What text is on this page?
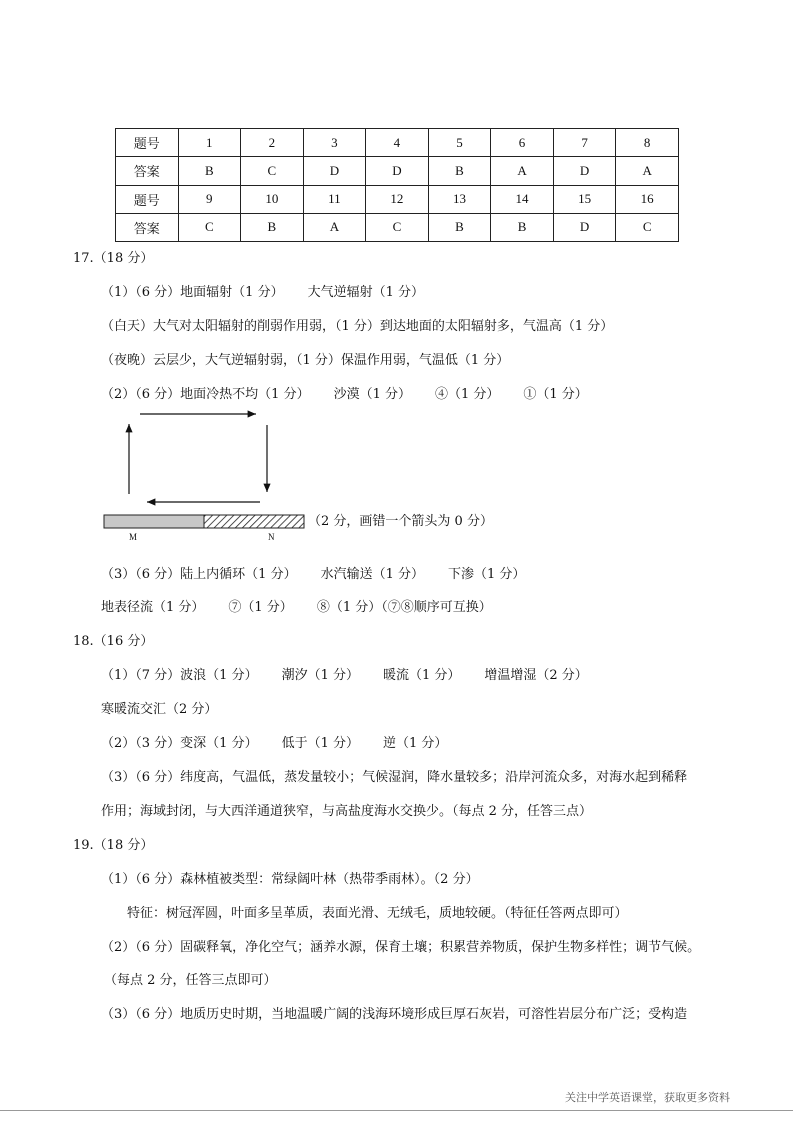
题号	1	2	3	4	5	6	7	8
答案	B	C	D	D	B	A	D	A
题号	9	10	11	12	13	14	15	16
答案	C	B	A	C	B	B	D	C
17.（18 分）
（1）（6 分）地面辐射（1 分） 大气逆辐射（1 分）
（白天）大气对太阳辐射的削弱作用弱，（1 分）到达地面的太阳辐射多，气温高（1 分）
（夜晚）云层少，大气逆辐射弱，（1 分）保温作用弱，气温低（1 分）
（2）（6 分）地面冷热不均（1 分） 沙漠（1 分） ④（1 分） ①（1 分）
M	N
（2 分，画错一个箭头为 0 分）
（3）（6 分）陆上内循环（1 分） 水汽输送（1 分） 下渗（1 分）
地表径流（1 分） ⑦（1 分） ⑧（1 分）（⑦⑧顺序可互换）
18.（16 分）
（1）（7 分）波浪（1 分） 潮汐（1 分） 暖流（1 分） 增温增湿（2 分）
寒暖流交汇（2 分）
（2）（3 分）变深（1 分） 低于（1 分） 逆（1 分）
（3）（6 分）纬度高，气温低，蒸发量较小；气候湿润，降水量较多；沿岸河流众多，对海水起到稀释
作用；海域封闭，与大西洋通道狭窄，与高盐度海水交换少。（每点 2 分，任答三点）
19.（18 分）
（1）（6 分）森林植被类型：常绿阔叶林（热带季雨林）。（2 分）
特征：树冠浑圆，叶面多呈革质，表面光滑、无绒毛，质地较硬。（特征任答两点即可）
（2）（6 分）固碳释氧，净化空气；涵养水源，保育土壤；积累营养物质，保护生物多样性；调节气候。
（每点 2 分，任答三点即可）
（3）（6 分）地质历史时期，当地温暖广阔的浅海环境形成巨厚石灰岩，可溶性岩层分布广泛；受构造
关注中学英语课堂，获取更多资料
